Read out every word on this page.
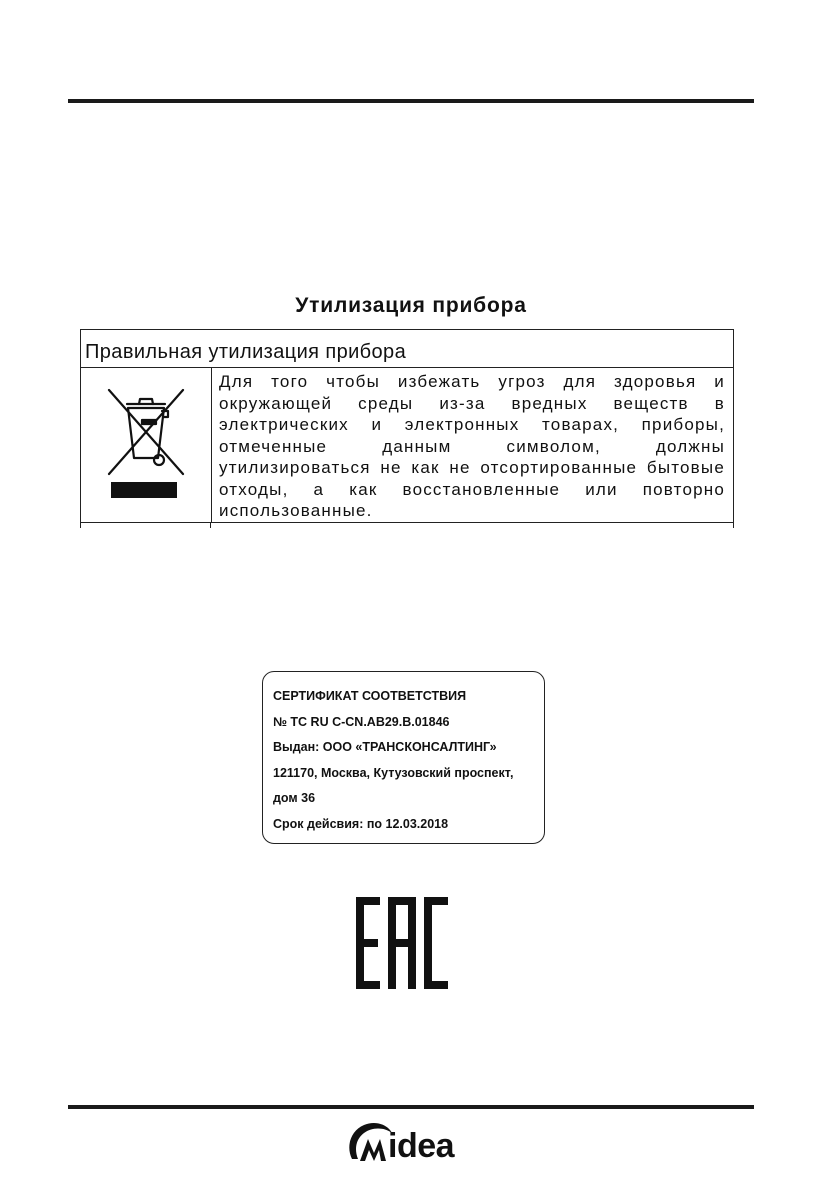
Утилизация прибора
Правильная утилизация прибора
Для того чтобы избежать угроз для здоровья и
окружающей среды из-за вредных веществ в
электрических и электронных товарах, приборы,
отмеченные данным символом, должны
утилизироваться не как не отсортированные бытовые
отходы, а как восстановленные или повторно
использованные.
СЕРТИФИКАТ СООТВЕТСТВИЯ
№ TC RU C-CN.AB29.B.01846
Выдан: ООО «ТРАНСКОНСАЛТИНГ»
121170, Москва, Кутузовский проспект,
дом 36
Срок дейсвия: по 12.03.2018
idea
